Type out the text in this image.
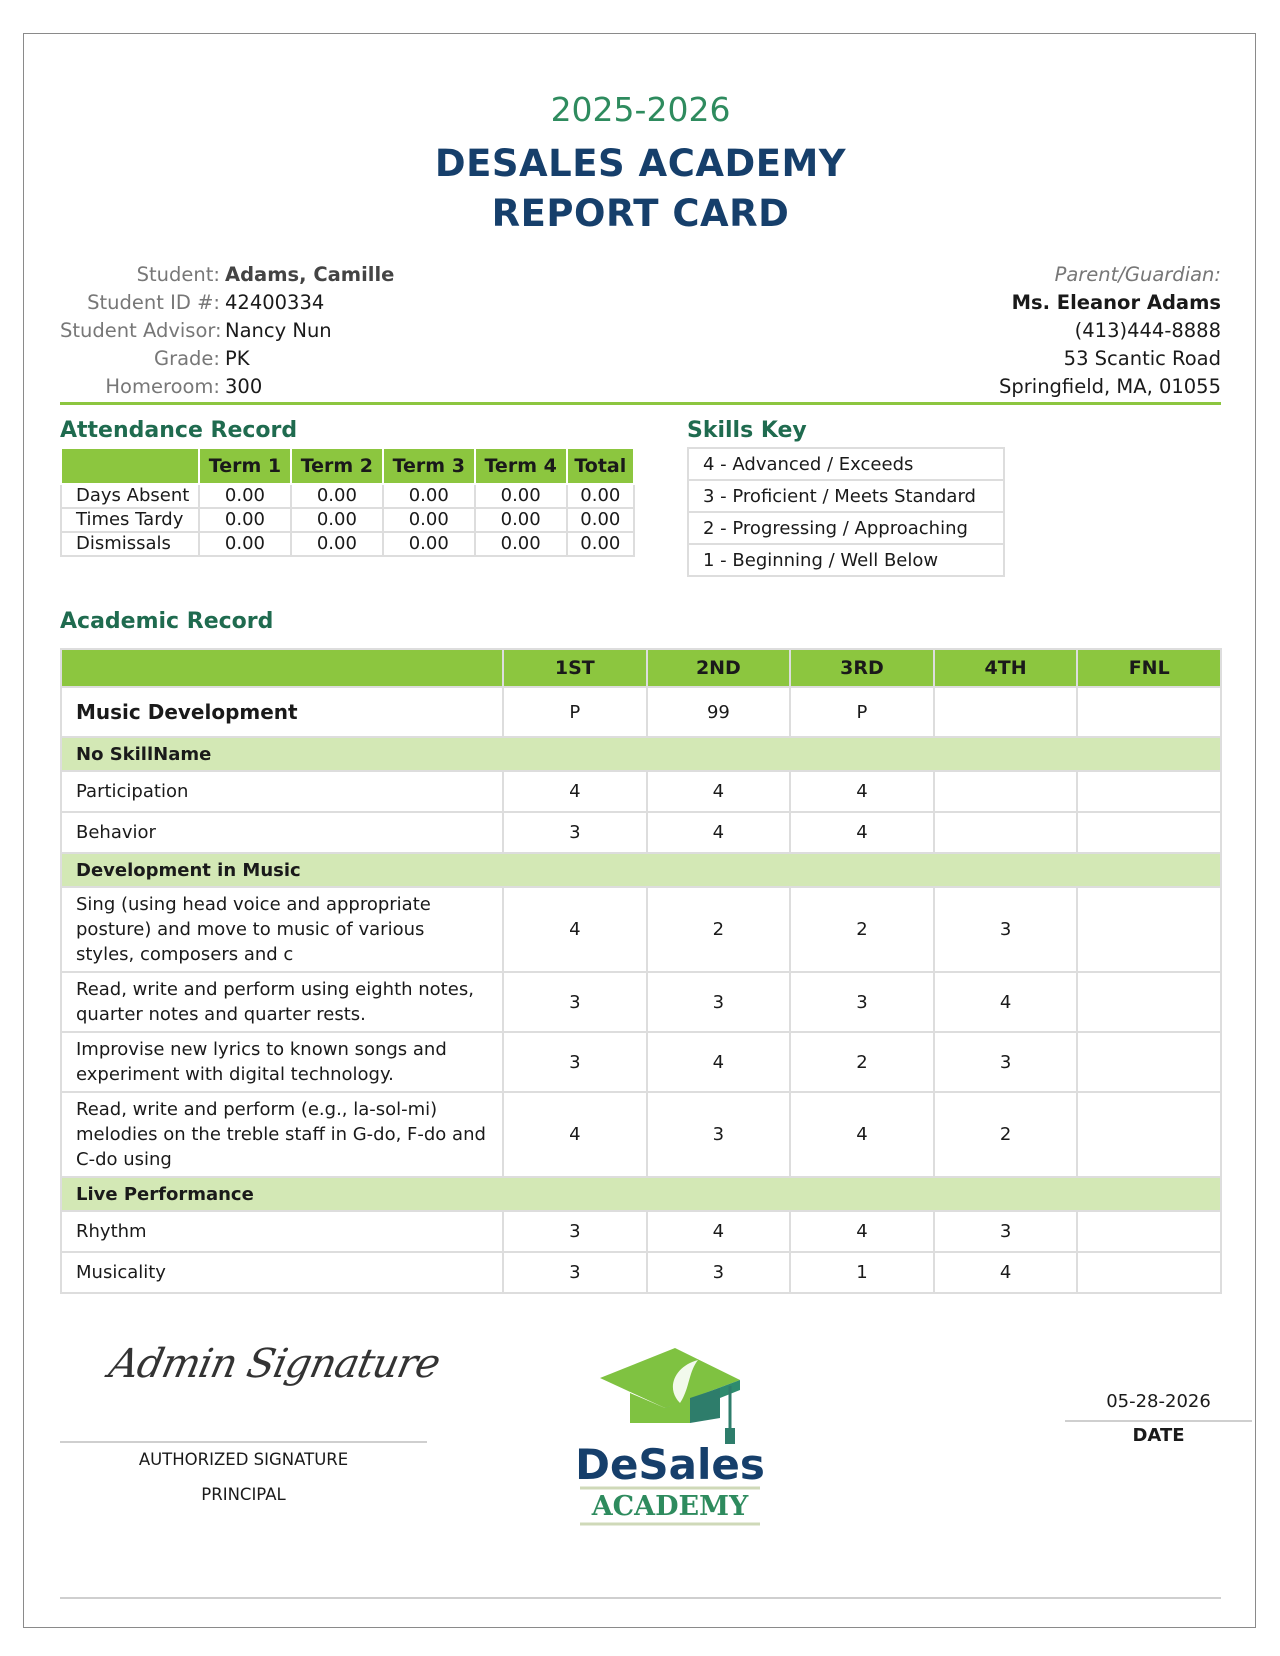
2025-2026
DESALES ACADEMY
REPORT CARD
Student: Adams, Camille
Student ID #: 42400334
Student Advisor: Nancy Nun
Grade: PK
Homeroom: 300
Parent/Guardian:
Ms. Eleanor Adams
(413)444-8888
53 Scantic Road
Springfield, MA, 01055
Attendance Record
	Term 1	Term 2	Term 3	Term 4	Total
Days Absent	0.00	0.00	0.00	0.00	0.00
Times Tardy	0.00	0.00	0.00	0.00	0.00
Dismissals	0.00	0.00	0.00	0.00	0.00
Skills Key
4 - Advanced / Exceeds
3 - Proficient / Meets Standard
2 - Progressing / Approaching
1 - Beginning / Well Below
Academic Record
	1ST	2ND	3RD	4TH	FNL
Music Development	P	99	P		
No SkillName					
Participation	4	4	4		
Behavior	3	4	4		
Development in Music					
Sing (using head voice and appropriate posture) and move to music of various styles, composers and c	4	2	2	3	
Read, write and perform using eighth notes, quarter notes and quarter rests.	3	3	3	4	
Improvise new lyrics to known songs and experiment with digital technology.	3	4	2	3	
Read, write and perform (e.g., la-sol-mi) melodies on the treble staff in G-do, F-do and C-do using	4	3	4	2	
Live Performance					
Rhythm	3	4	4	3	
Musicality	3	3	1	4	
Admin Signature
AUTHORIZED SIGNATURE
PRINCIPAL
DeSales
ACADEMY
05-28-2026
DATE
